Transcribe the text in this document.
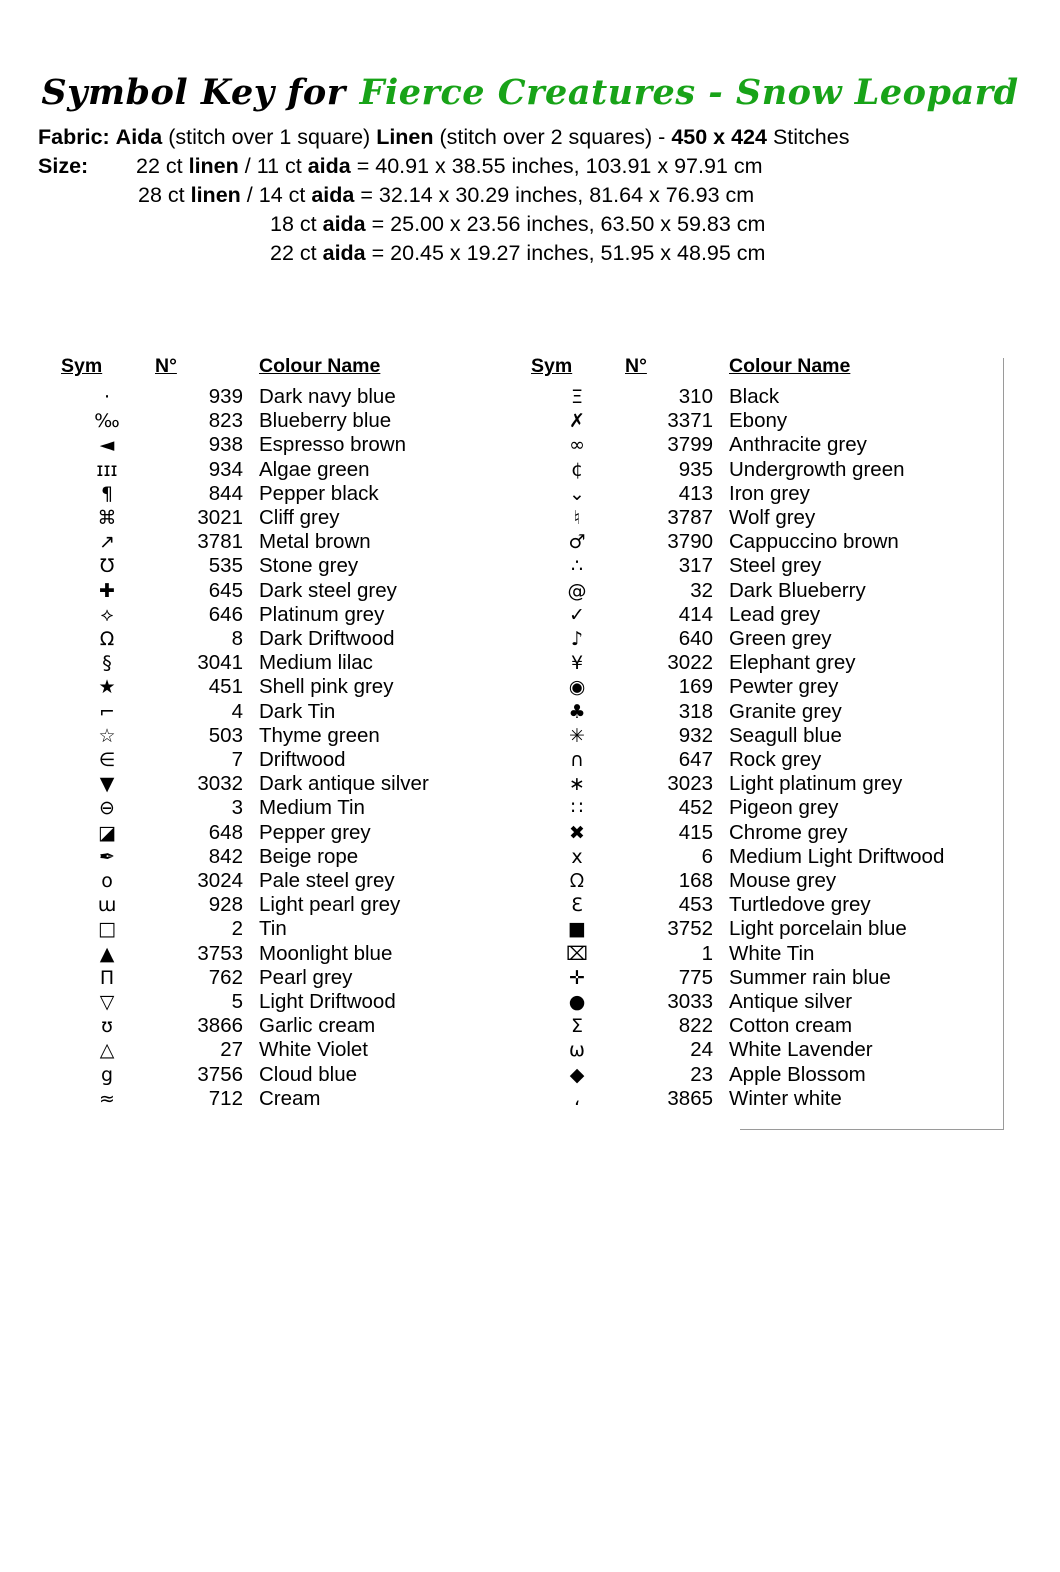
Symbol Key for Fierce Creatures - Snow Leopard
Fabric: Aida (stitch over 1 square) Linen (stitch over 2 squares) - 450 x 424 Stitches
Size: 22 ct linen / 11 ct aida = 40.91 x 38.55 inches, 103.91 x 97.91 cm
28 ct linen / 14 ct aida = 32.14 x 30.29 inches, 81.64 x 76.93 cm
18 ct aida = 25.00 x 23.56 inches, 63.50 x 59.83 cm
22 ct aida = 20.45 x 19.27 inches, 51.95 x 48.95 cm
Sym	N°	Colour Name
·	939	Dark navy blue
‰	823	Blueberry blue
◄	938	Espresso brown
ɪɪɪ	934	Algae green
¶	844	Pepper black
⌘	3021	Cliff grey
↗	3781	Metal brown
℧	535	Stone grey
✚	645	Dark steel grey
⟡	646	Platinum grey
Ω	8	Dark Driftwood
§	3041	Medium lilac
★	451	Shell pink grey
⌐	4	Dark Tin
☆	503	Thyme green
∈	7	Driftwood
▼	3032	Dark antique silver
⊖	3	Medium Tin
◪	648	Pepper grey
✒	842	Beige rope
o	3024	Pale steel grey
ɯ	928	Light pearl grey
□	2	Tin
▲	3753	Moonlight blue
Π	762	Pearl grey
▽	5	Light Driftwood
ʊ	3866	Garlic cream
△	27	White Violet
g	3756	Cloud blue
≈	712	Cream
Sym	N°	Colour Name
Ξ	310	Black
✗	3371	Ebony
∞	3799	Anthracite grey
¢	935	Undergrowth green
⌄	413	Iron grey
♮	3787	Wolf grey
♂	3790	Cappuccino brown
∴	317	Steel grey
@	32	Dark Blueberry
✓	414	Lead grey
♪	640	Green grey
¥	3022	Elephant grey
◉	169	Pewter grey
♣	318	Granite grey
✳	932	Seagull blue
∩	647	Rock grey
∗	3023	Light platinum grey
∷	452	Pigeon grey
✖	415	Chrome grey
x	6	Medium Light Driftwood
ᘯ	168	Mouse grey
Ɛ	453	Turtledove grey
■	3752	Light porcelain blue
⌧	1	White Tin
✛	775	Summer rain blue
●	3033	Antique silver
Σ	822	Cotton cream
ω	24	White Lavender
◆	23	Apple Blossom
،	3865	Winter white
